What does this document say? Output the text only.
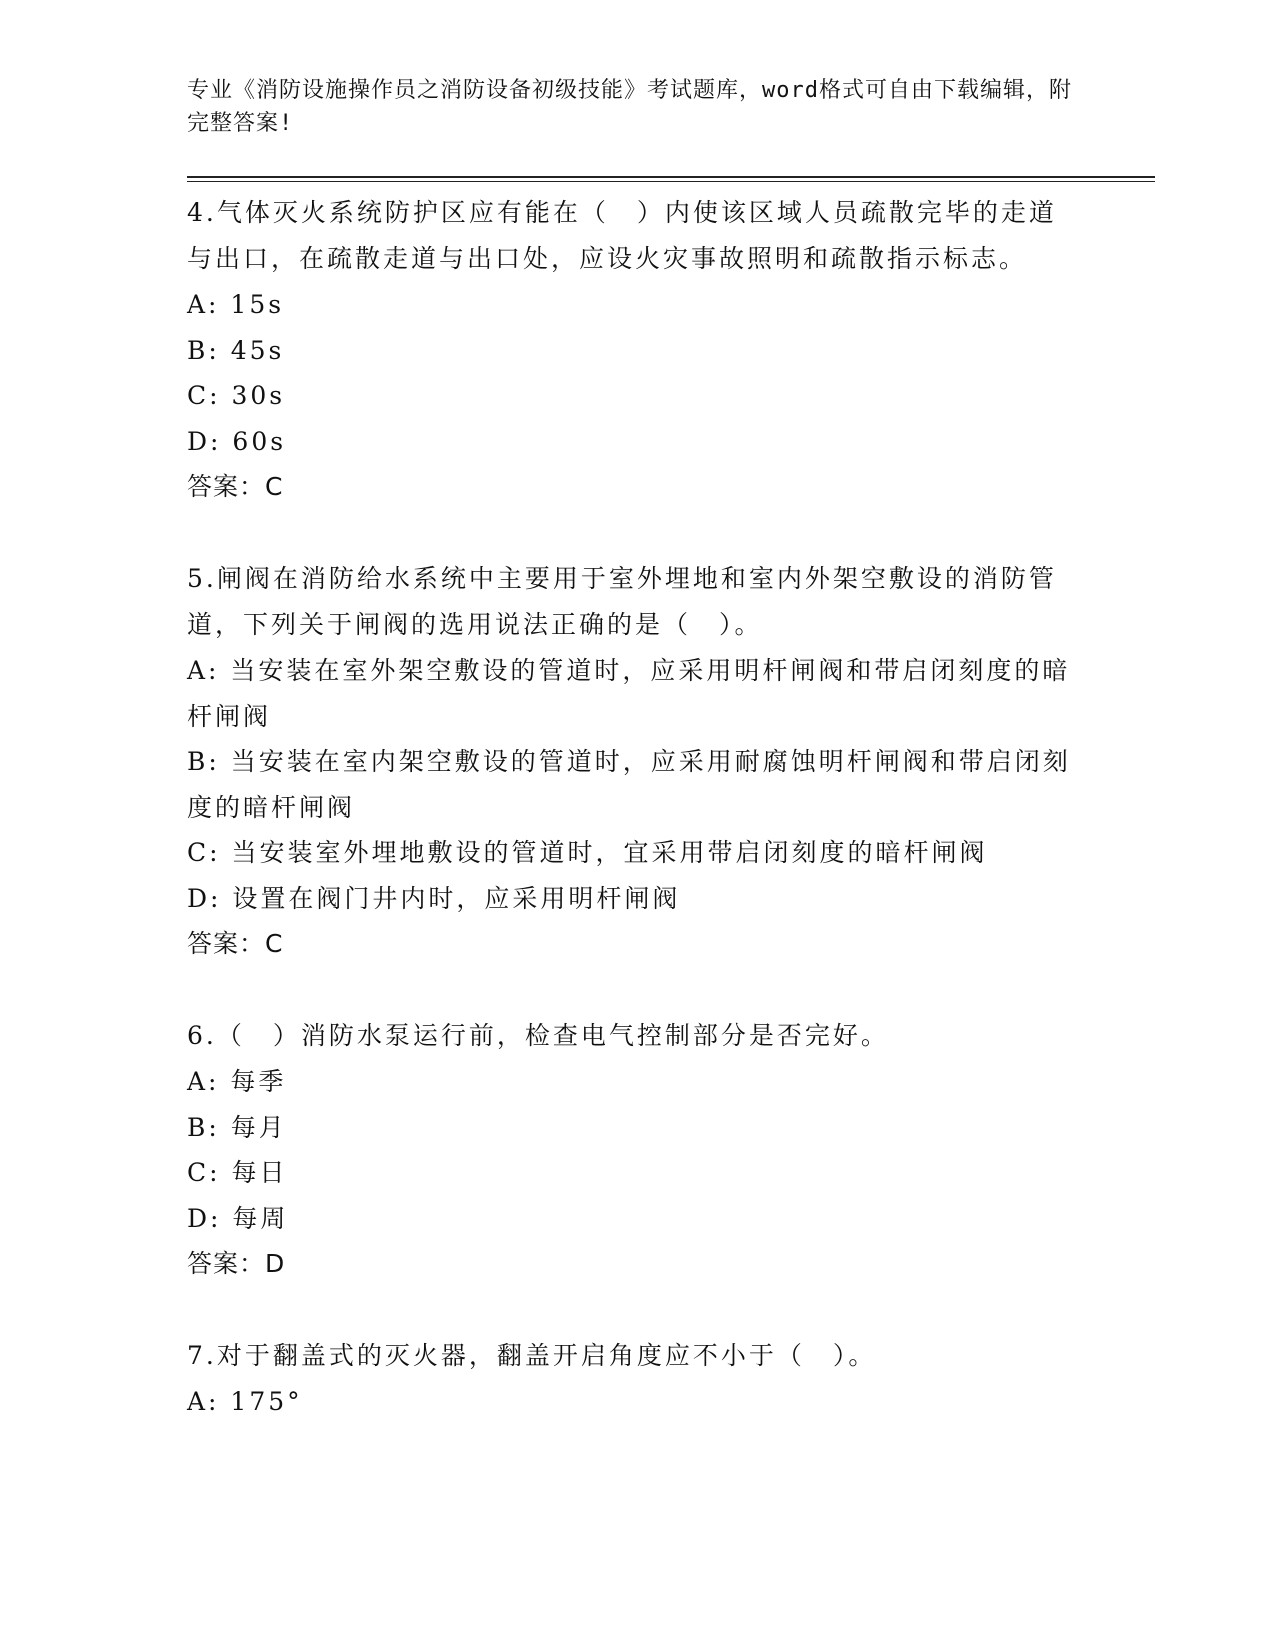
专业《消防设施操作员之消防设备初级技能》考试题库，word格式可自由下载编辑，附完整答案!

4.气体灭火系统防护区应有能在（　）内使该区域人员疏散完毕的走道与出口，在疏散走道与出口处，应设火灾事故照明和疏散指示标志。

A: 15s

B: 45s

C: 30s

D: 60s

答案：C

5.闸阀在消防给水系统中主要用于室外埋地和室内外架空敷设的消防管道，下列关于闸阀的选用说法正确的是（　）。

A: 当安装在室外架空敷设的管道时，应采用明杆闸阀和带启闭刻度的暗杆闸阀

B: 当安装在室内架空敷设的管道时，应采用耐腐蚀明杆闸阀和带启闭刻度的暗杆闸阀

C: 当安装室外埋地敷设的管道时，宜采用带启闭刻度的暗杆闸阀

D: 设置在阀门井内时，应采用明杆闸阀

答案：C

6.（　）消防水泵运行前，检查电气控制部分是否完好。

A: 每季

B: 每月

C: 每日

D: 每周

答案：D

7.对于翻盖式的灭火器，翻盖开启角度应不小于（　）。

A: 175°
